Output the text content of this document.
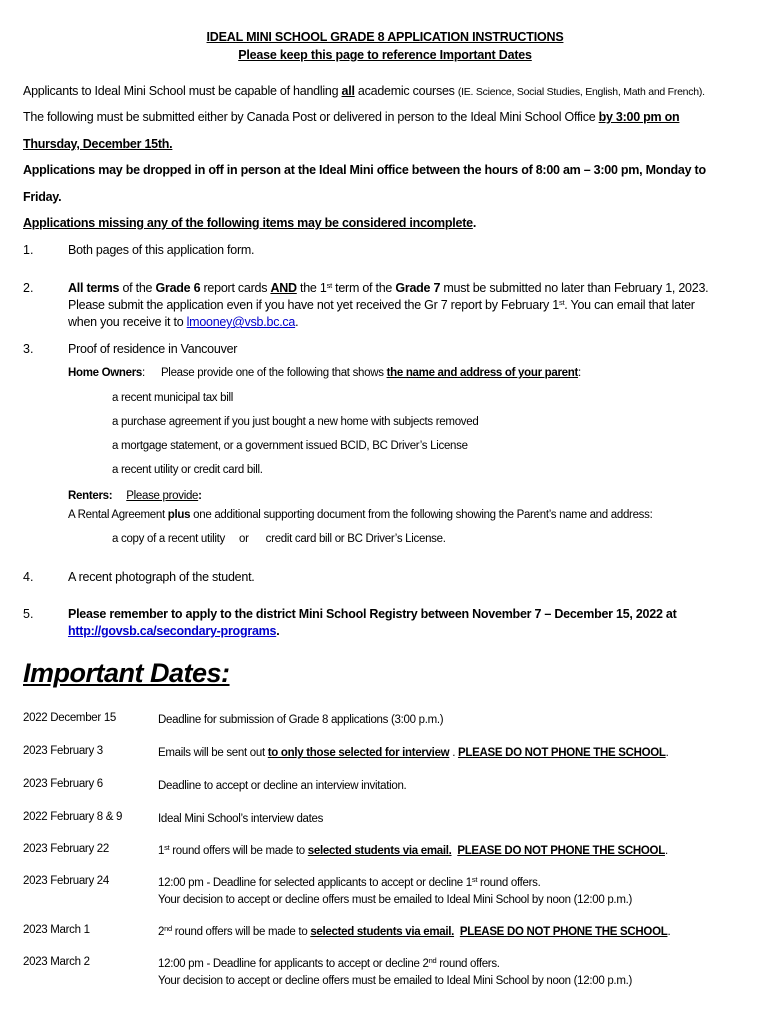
IDEAL MINI SCHOOL GRADE 8 APPLICATION INSTRUCTIONS
Please keep this page to reference Important Dates
Applicants to Ideal Mini School must be capable of handling all academic courses (IE. Science, Social Studies, English, Math and French).
The following must be submitted either by Canada Post or delivered in person to the Ideal Mini School Office by 3:00 pm on
Thursday, December 15th.
Applications may be dropped in off in person at the Ideal Mini office between the hours of 8:00 am – 3:00 pm, Monday to
Friday.
Applications missing any of the following items may be considered incomplete.
1.	Both pages of this application form.
2.	All terms of the Grade 6 report cards AND the 1st term of the Grade 7 must be submitted no later than February 1, 2023.
Please submit the application even if you have not yet received the Gr 7 report by February 1st. You can email that later
when you receive it to lmooney@vsb.bc.ca.
3.	Proof of residence in Vancouver
Home Owners: Please provide one of the following that shows the name and address of your parent:
a recent municipal tax bill
a purchase agreement if you just bought a new home with subjects removed
a mortgage statement, or a government issued BCID, BC Driver’s License
a recent utility or credit card bill.
Renters: Please provide:
A Rental Agreement plus one additional supporting document from the following showing the Parent’s name and address:
a copy of a recent utility or credit card bill or BC Driver’s License.
4.	A recent photograph of the student.
5.	Please remember to apply to the district Mini School Registry between November 7 – December 15, 2022 at
http://govsb.ca/secondary-programs.
Important Dates:
2022 December 15	Deadline for submission of Grade 8 applications (3:00 p.m.)
2023 February 3	Emails will be sent out to only those selected for interview . PLEASE DO NOT PHONE THE SCHOOL.
2023 February 6	Deadline to accept or decline an interview invitation.
2022 February 8 & 9	Ideal Mini School’s interview dates
2023 February 22	1st round offers will be made to selected students via email. PLEASE DO NOT PHONE THE SCHOOL.
2023 February 24	12:00 pm - Deadline for selected applicants to accept or decline 1st round offers.
Your decision to accept or decline offers must be emailed to Ideal Mini School by noon (12:00 p.m.)
2023 March 1	2nd round offers will be made to selected students via email. PLEASE DO NOT PHONE THE SCHOOL.
2023 March 2	12:00 pm - Deadline for applicants to accept or decline 2nd round offers.
Your decision to accept or decline offers must be emailed to Ideal Mini School by noon (12:00 p.m.)
